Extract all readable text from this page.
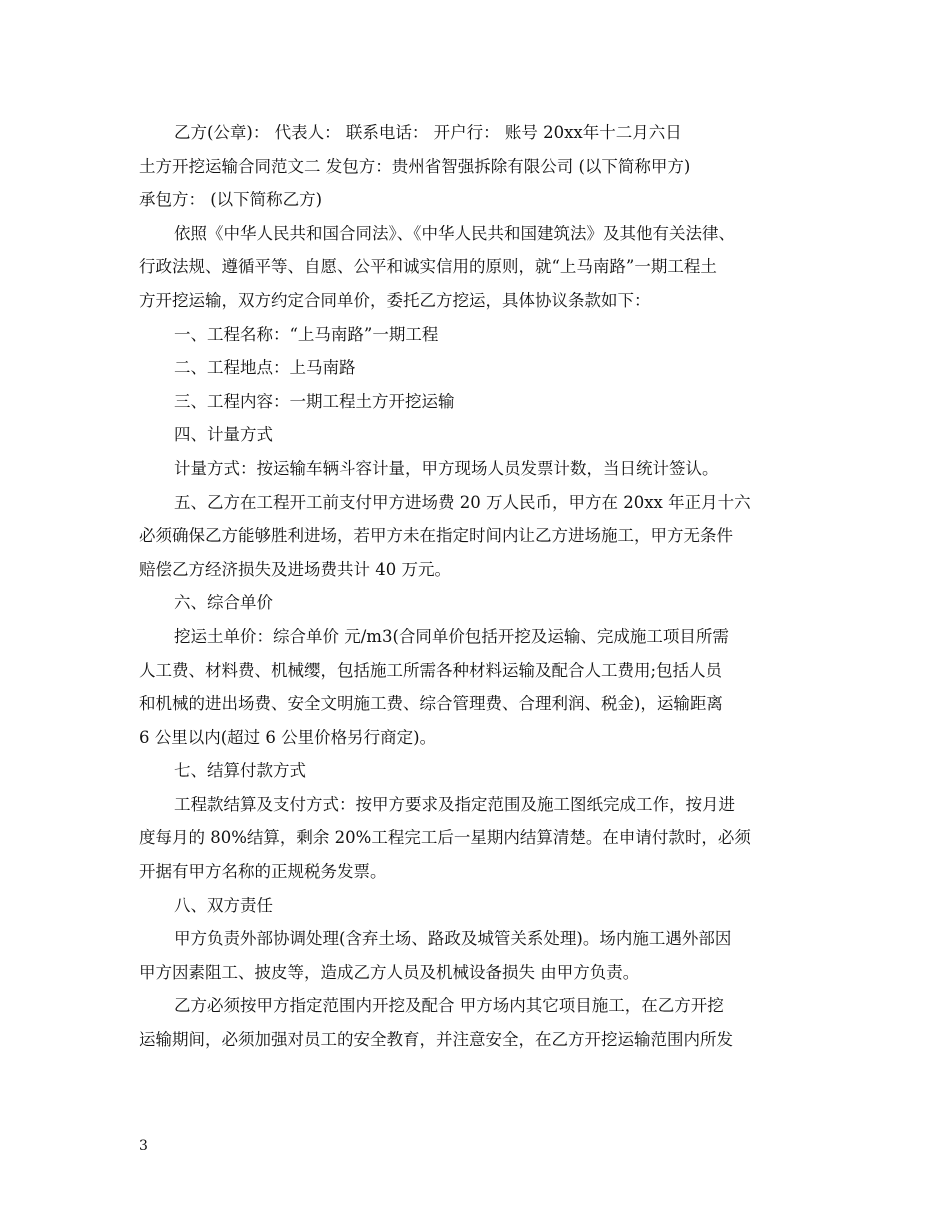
乙方(公章)： 代表人： 联系电话： 开户行： 账号 20xx年十二月六日
土方开挖运输合同范文二 发包方：贵州省智强拆除有限公司 (以下简称甲方)
承包方： (以下简称乙方)
依照《中华人民共和国合同法》、《中华人民共和国建筑法》及其他有关法律、
行政法规、遵循平等、自愿、公平和诚实信用的原则，就“上马南路”一期工程土
方开挖运输，双方约定合同单价，委托乙方挖运，具体协议条款如下：
一、工程名称：“上马南路”一期工程
二、工程地点：上马南路
三、工程内容：一期工程土方开挖运输
四、计量方式
计量方式：按运输车辆斗容计量，甲方现场人员发票计数，当日统计签认。
五、乙方在工程开工前支付甲方进场费 20 万人民币，甲方在 20xx 年正月十六
必须确保乙方能够胜利进场，若甲方未在指定时间内让乙方进场施工，甲方无条件
赔偿乙方经济损失及进场费共计 40 万元。
六、综合单价
挖运土单价：综合单价 元/m3(合同单价包括开挖及运输、完成施工项目所需
人工费、材料费、机械缨，包括施工所需各种材料运输及配合人工费用;包括人员
和机械的进出场费、安全文明施工费、综合管理费、合理利润、税金)，运输距离
6 公里以内(超过 6 公里价格另行商定)。
七、结算付款方式
工程款结算及支付方式：按甲方要求及指定范围及施工图纸完成工作，按月进
度每月的 80%结算，剩余 20%工程完工后一星期内结算清楚。在申请付款时，必须
开据有甲方名称的正规税务发票。
八、双方责任
甲方负责外部协调处理(含弃土场、路政及城管关系处理)。场内施工遇外部因
甲方因素阻工、披皮等，造成乙方人员及机械设备损失 由甲方负责。
乙方必须按甲方指定范围内开挖及配合 甲方场内其它项目施工，在乙方开挖
运输期间，必须加强对员工的安全教育，并注意安全，在乙方开挖运输范围内所发
3
